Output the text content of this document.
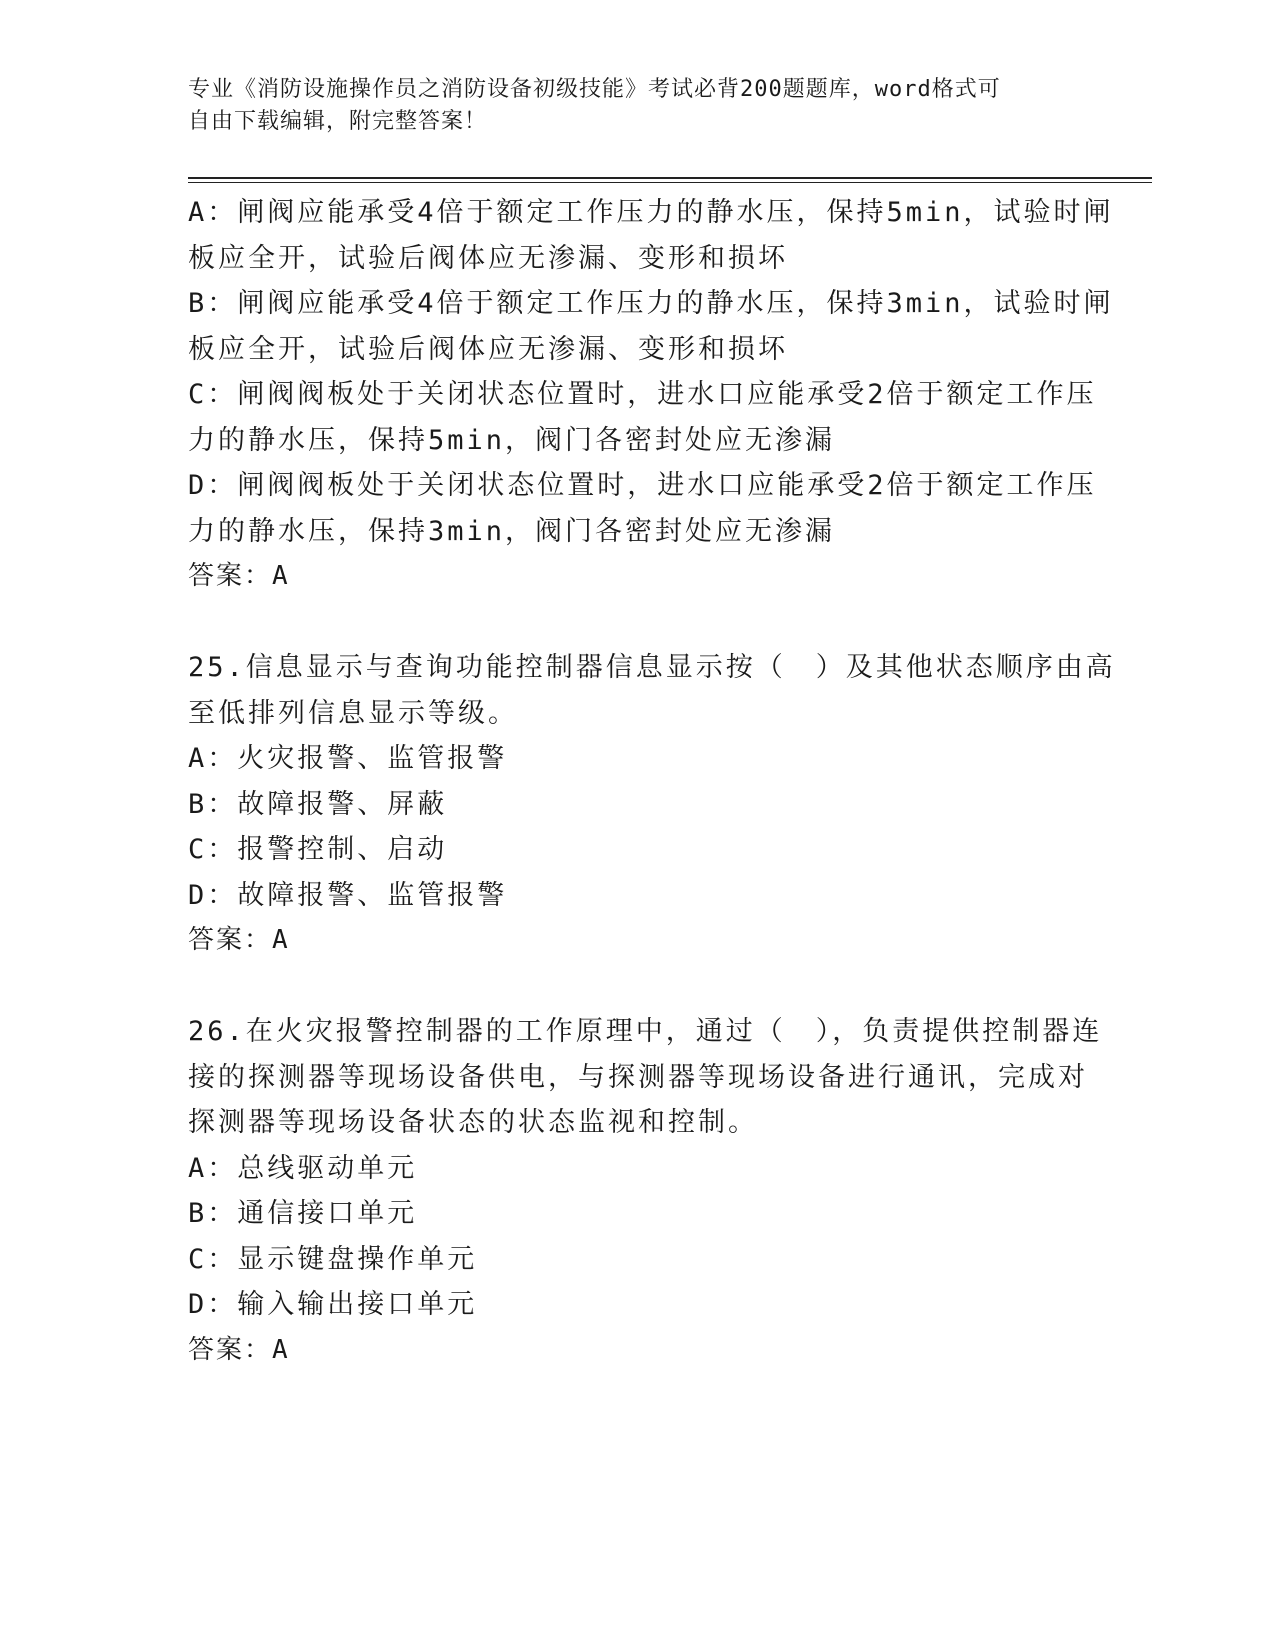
专业《消防设施操作员之消防设备初级技能》考试必背200题题库，word格式可
自由下载编辑，附完整答案！
A：闸阀应能承受4倍于额定工作压力的静水压，保持5min，试验时闸
板应全开，试验后阀体应无渗漏、变形和损坏
B：闸阀应能承受4倍于额定工作压力的静水压，保持3min，试验时闸
板应全开，试验后阀体应无渗漏、变形和损坏
C：闸阀阀板处于关闭状态位置时，进水口应能承受2倍于额定工作压
力的静水压，保持5min，阀门各密封处应无渗漏
D：闸阀阀板处于关闭状态位置时，进水口应能承受2倍于额定工作压
力的静水压，保持3min，阀门各密封处应无渗漏
答案：A
25.信息显示与查询功能控制器信息显示按（　）及其他状态顺序由高
至低排列信息显示等级。
A：火灾报警、监管报警
B：故障报警、屏蔽
C：报警控制、启动
D：故障报警、监管报警
答案：A
26.在火灾报警控制器的工作原理中，通过（　），负责提供控制器连
接的探测器等现场设备供电，与探测器等现场设备进行通讯，完成对
探测器等现场设备状态的状态监视和控制。
A：总线驱动单元
B：通信接口单元
C：显示键盘操作单元
D：输入输出接口单元
答案：A
